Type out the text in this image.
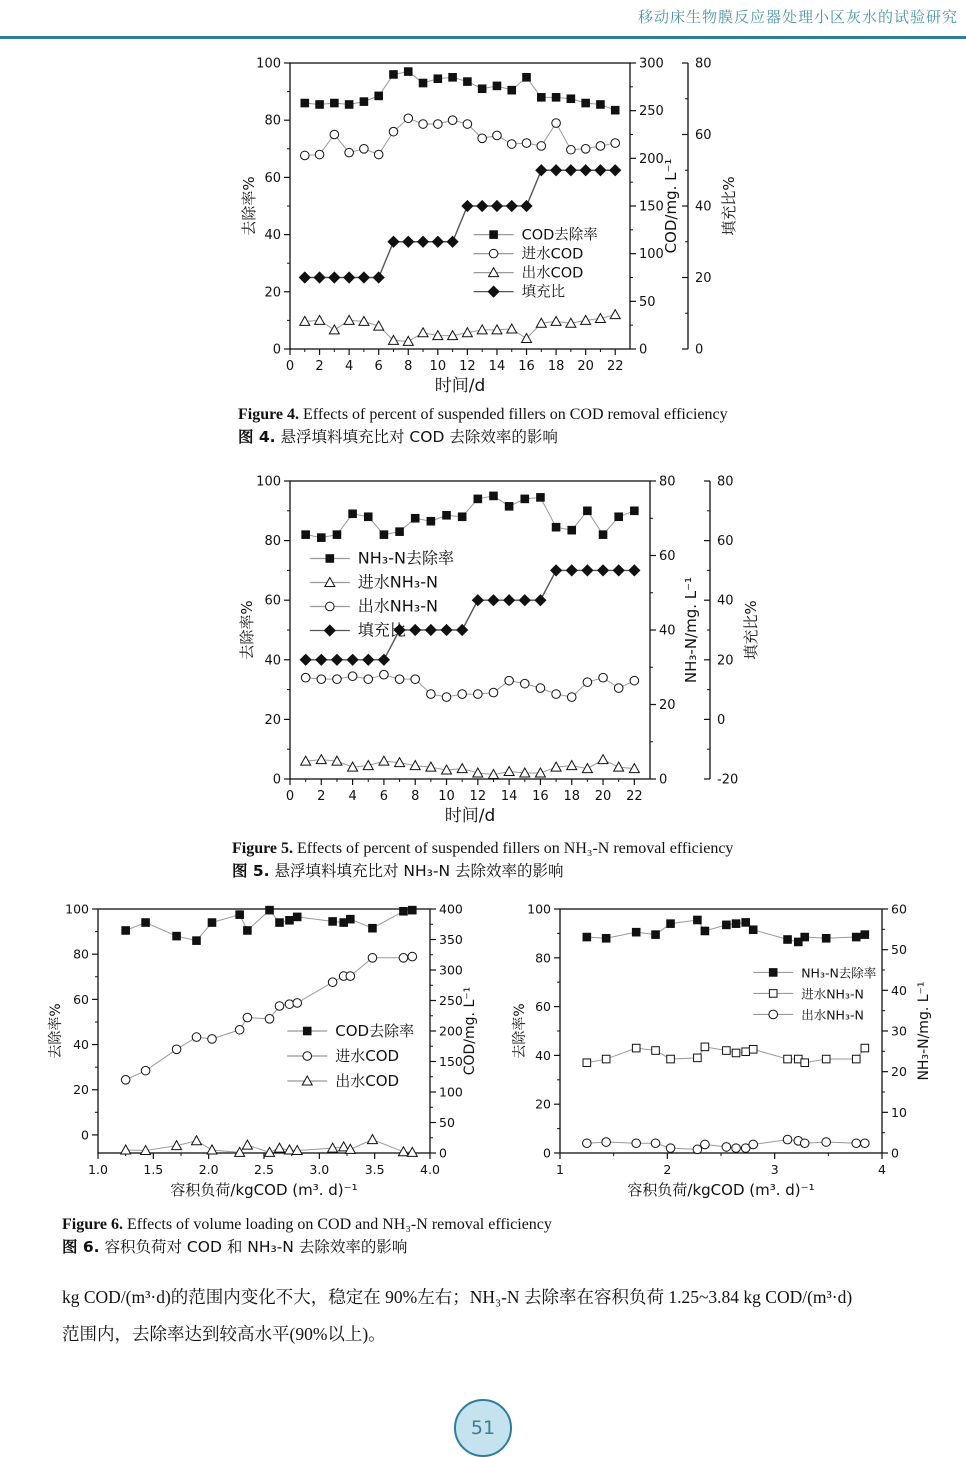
移动床生物膜反应器处理小区灰水的试验研究
0 2 4 6 8 10 12 14 16 18 20 22
时间/d
0
20
40
60
80
100
去除率%
0
50
100
150
200
250
300
COD/mg. L⁻¹
0
20
40
60
80
填充比%
COD去除率
进水COD
出水COD
填充比
Figure 4. Effects of percent of suspended fillers on COD removal efficiency
图 4. 悬浮填料填充比对 COD 去除效率的影响
0 2 4 6 8 10 12 14 16 18 20 22
时间/d
0
20
40
60
80
100
去除率%
0
20
40
60
80
NH₃-N/mg. L⁻¹
-20
0
20
40
60
80
填充比%
NH₃-N去除率
进水NH₃-N
出水NH₃-N
填充比
Figure 5. Effects of percent of suspended fillers on NH₃-N removal efficiency
图 5. 悬浮填料填充比对 NH₃-N 去除效率的影响
1.0	1.5	2.0	2.5	3.0	3.5	4.0
容积负荷/kgCOD (m³. d)⁻¹
0
20
40
60
80
100
去除率%
0
50
100
150
200
250
300
350
400
COD/mg. L⁻¹
COD去除率
进水COD
出水COD
1	2	3	4
容积负荷/kgCOD (m³. d)⁻¹
0
20
40
60
80
100
去除率%
0
10
20
30
40
50
60
NH₃-N/mg. L⁻¹
NH₃-N去除率
进水NH₃-N
出水NH₃-N
Figure 6. Effects of volume loading on COD and NH₃-N removal efficiency
图 6. 容积负荷对 COD 和 NH₃-N 去除效率的影响
kg COD/(m³·d)的范围内变化不大，稳定在 90%左右；NH₃-N 去除率在容积负荷 1.25~3.84 kg COD/(m³·d)
范围内，去除率达到较高水平(90%以上)。
51
